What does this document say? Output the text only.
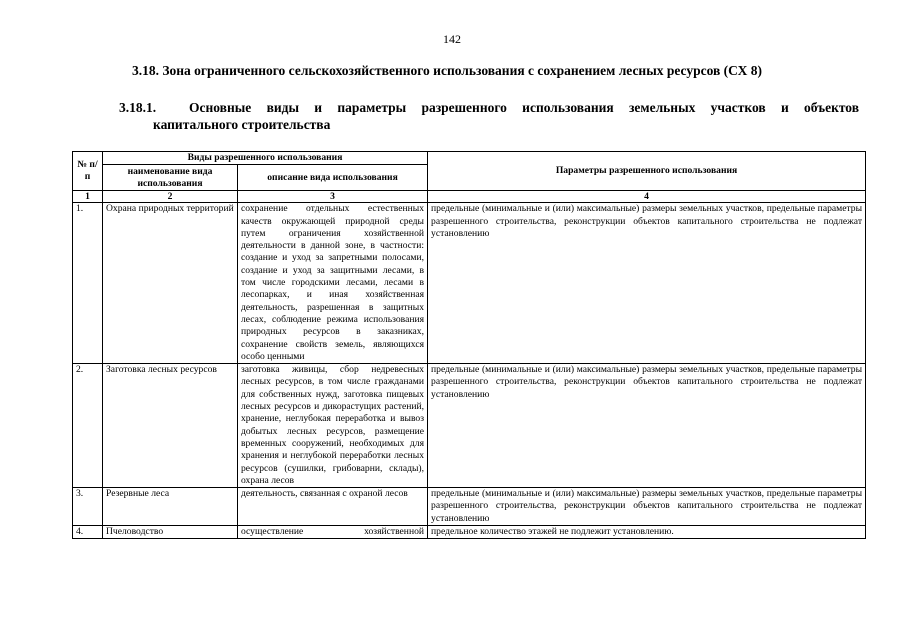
142
3.18. Зона ограниченного сельскохозяйственного использования с сохранением лесных ресурсов (СХ 8)
3.18.1.	Основные виды и параметры разрешенного использования земельных участков и объектов
капитального строительства
№ п/п	Виды разрешенного использования		Параметры разрешенного использования
	наименование вида использования	описание вида использования	
1	2	3	4
1.	Охрана природных территорий	сохранение отдельных естественных качеств окружающей природной среды путем ограничения хозяйственной деятельности в данной зоне, в частности: создание и уход за запретными полосами, создание и уход за защитными лесами, в том числе городскими лесами, лесами в лесопарках, и иная хозяйственная деятельность, разрешенная в защитных лесах, соблюдение режима использования природных ресурсов в заказниках, сохранение свойств земель, являющихся особо ценными	предельные (минимальные и (или) максимальные) размеры земельных участков, предельные параметры разрешенного строительства, реконструкции объектов капитального строительства не подлежат установлению
2.	Заготовка лесных ресурсов	заготовка живицы, сбор недревесных лесных ресурсов, в том числе гражданами для собственных нужд, заготовка пищевых лесных ресурсов и дикорастущих растений, хранение, неглубокая переработка и вывоз добытых лесных ресурсов, размещение временных сооружений, необходимых для хранения и неглубокой переработки лесных ресурсов (сушилки, грибоварни, склады), охрана лесов	предельные (минимальные и (или) максимальные) размеры земельных участков, предельные параметры разрешенного строительства, реконструкции объектов капитального строительства не подлежат установлению
3.	Резервные леса	деятельность, связанная с охраной лесов	предельные (минимальные и (или) максимальные) размеры земельных участков, предельные параметры разрешенного строительства, реконструкции объектов капитального строительства не подлежат установлению
4.	Пчеловодство	осуществление хозяйственной	предельное количество этажей не подлежит установлению.
